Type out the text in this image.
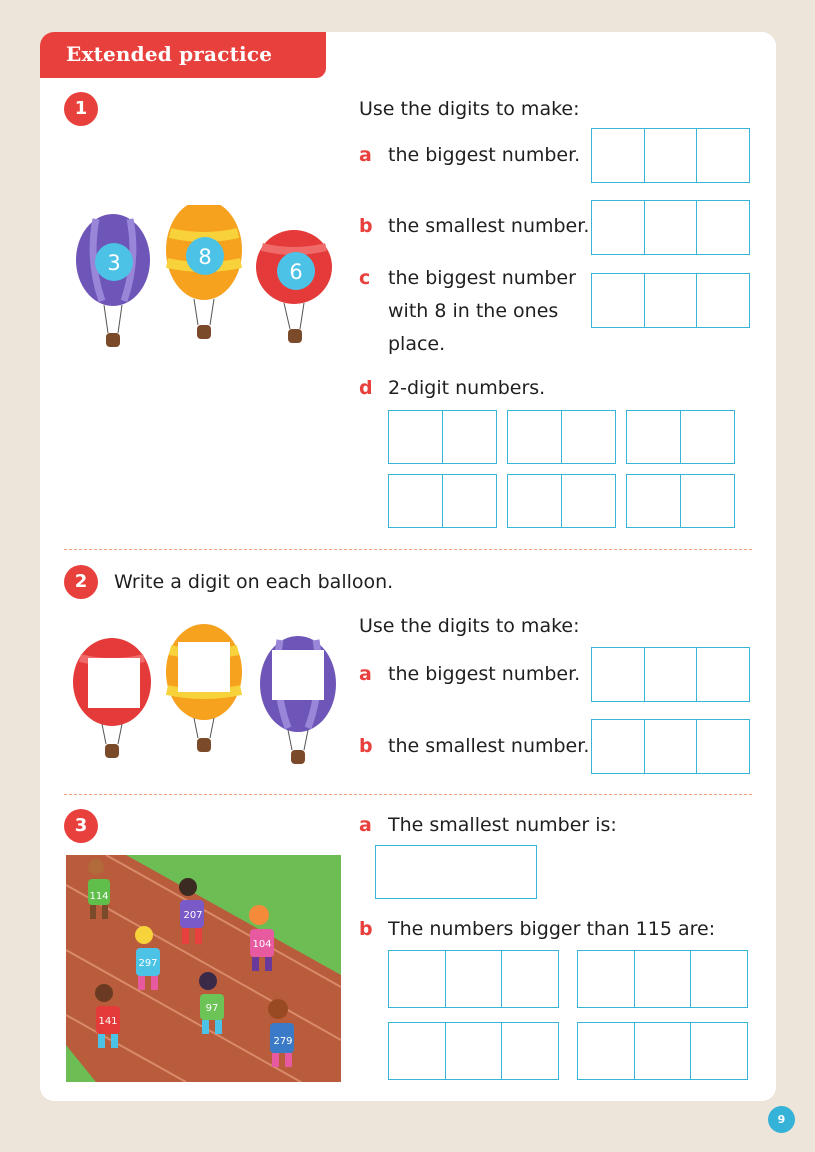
Extended practice
1
3	8
6
Use the digits to make:
a the biggest number.
b the smallest number.
c the biggest number
with 8 in the ones
place.
d 2-digit numbers.
2	Write a digit on each balloon.
Use the digits to make:
a the biggest number.
b the smallest number.
3
114
207
104
297
97
141
279
a The smallest number is:
b The numbers bigger than 115 are:
9
